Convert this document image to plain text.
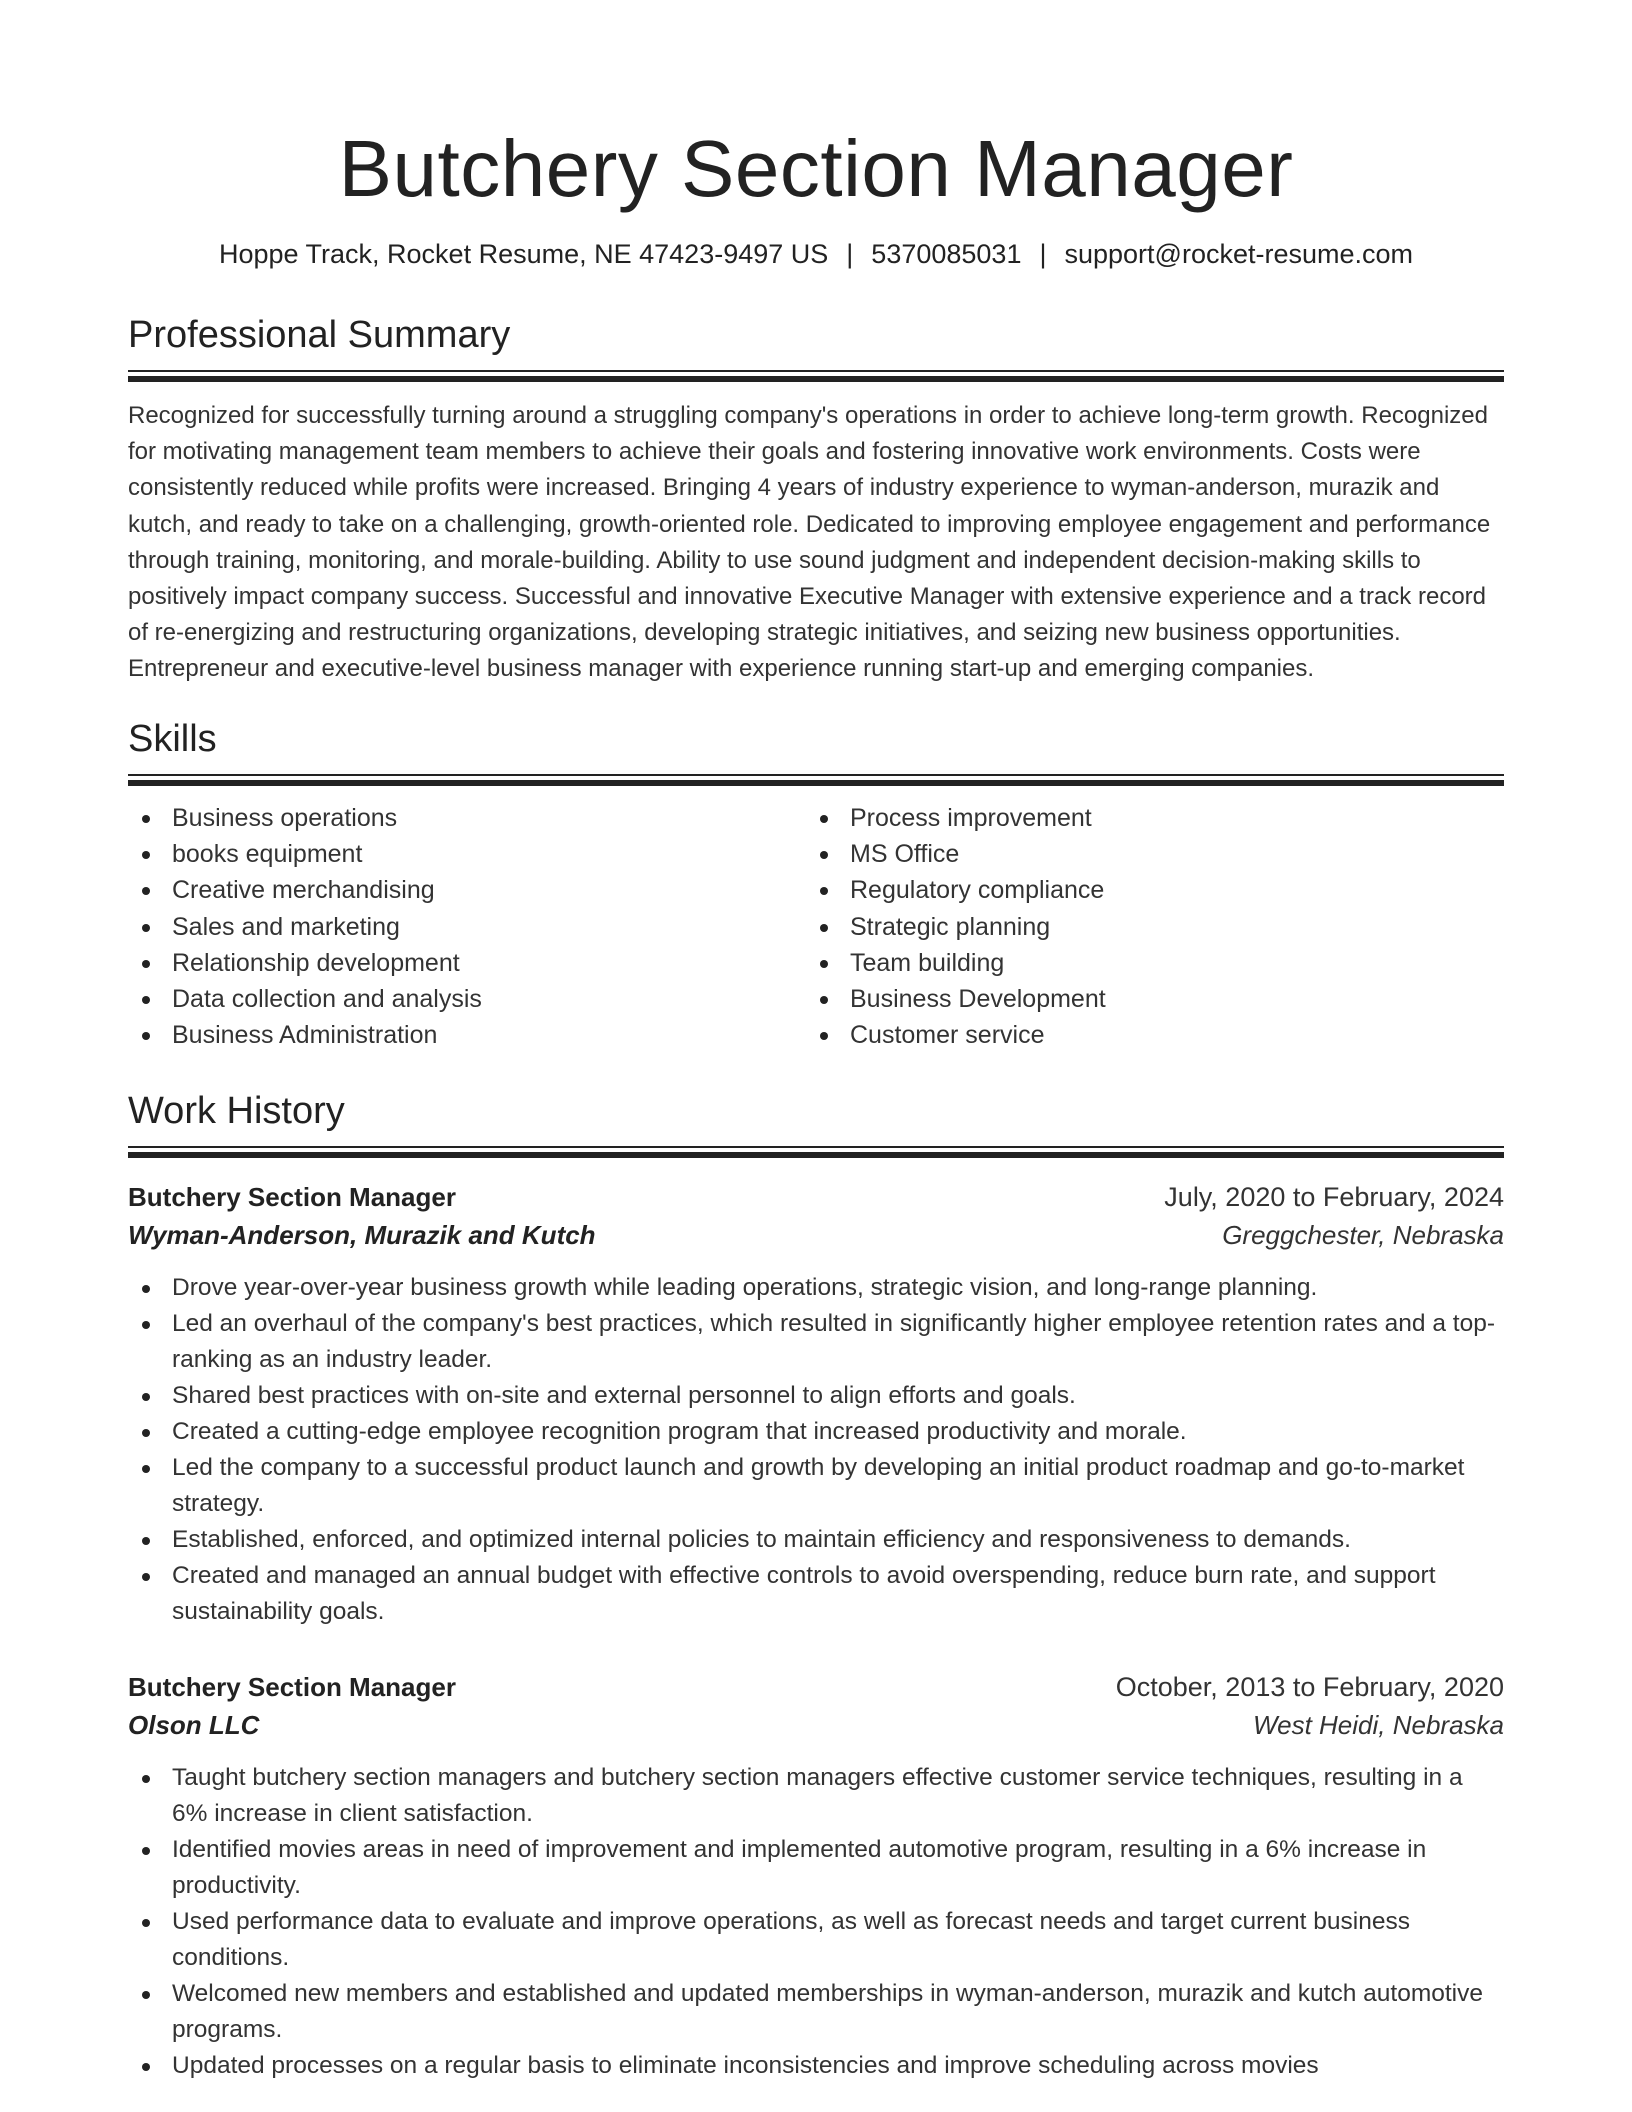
Butchery Section Manager
Hoppe Track, Rocket Resume, NE 47423-9497 US | 5370085031 | support@rocket-resume.com
Professional Summary

Recognized for successfully turning around a struggling company's operations in order to achieve long-term growth. Recognized for motivating management team members to achieve their goals and fostering innovative work environments. Costs were consistently reduced while profits were increased. Bringing 4 years of industry experience to wyman-anderson, murazik and kutch, and ready to take on a challenging, growth-oriented role. Dedicated to improving employee engagement and performance through training, monitoring, and morale-building. Ability to use sound judgment and independent decision-making skills to positively impact company success. Successful and innovative Executive Manager with extensive experience and a track record of re-energizing and restructuring organizations, developing strategic initiatives, and seizing new business opportunities. Entrepreneur and executive-level business manager with experience running start-up and emerging companies.

Skills
Business operations
books equipment
Creative merchandising
Sales and marketing
Relationship development
Data collection and analysis
Business Administration
Process improvement
MS Office
Regulatory compliance
Strategic planning
Team building
Business Development
Customer service
Work History
Butchery Section Manager	July, 2020 to February, 2024
Wyman-Anderson, Murazik and Kutch	Greggchester, Nebraska
Drove year-over-year business growth while leading operations, strategic vision, and long-range planning.
Led an overhaul of the company's best practices, which resulted in significantly higher employee retention rates and a top-ranking as an industry leader.
Shared best practices with on-site and external personnel to align efforts and goals.
Created a cutting-edge employee recognition program that increased productivity and morale.
Led the company to a successful product launch and growth by developing an initial product roadmap and go-to-market strategy.
Established, enforced, and optimized internal policies to maintain efficiency and responsiveness to demands.
Created and managed an annual budget with effective controls to avoid overspending, reduce burn rate, and support sustainability goals.
Butchery Section Manager	October, 2013 to February, 2020
Olson LLC	West Heidi, Nebraska
Taught butchery section managers and butchery section managers effective customer service techniques, resulting in a 6% increase in client satisfaction.
Identified movies areas in need of improvement and implemented automotive program, resulting in a 6% increase in productivity.
Used performance data to evaluate and improve operations, as well as forecast needs and target current business conditions.
Welcomed new members and established and updated memberships in wyman-anderson, murazik and kutch automotive programs.
Updated processes on a regular basis to eliminate inconsistencies and improve scheduling across movies
